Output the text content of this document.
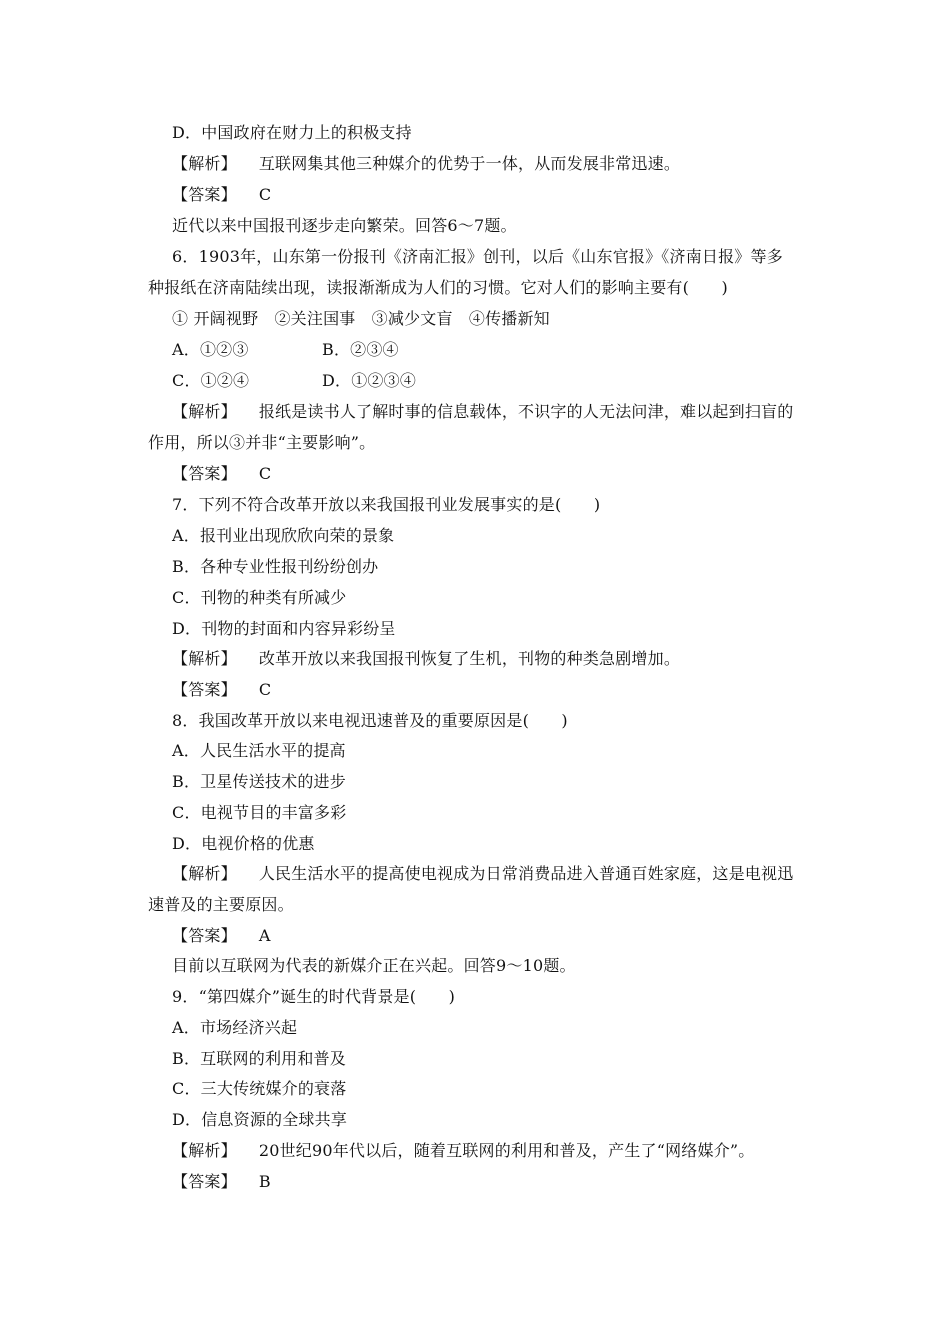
D．中国政府在财力上的积极支持
【解析】 互联网集其他三种媒介的优势于一体，从而发展非常迅速。
【答案】 C
近代以来中国报刊逐步走向繁荣。回答6～7题。
6．1903年，山东第一份报刊《济南汇报》创刊，以后《山东官报》《济南日报》等多
种报纸在济南陆续出现，读报渐渐成为人们的习惯。它对人们的影响主要有(　　)
① 开阔视野　②关注国事　③减少文盲　④传播新知
A．①②③	B．②③④
C．①②④	D．①②③④
【解析】 报纸是读书人了解时事的信息载体，不识字的人无法问津，难以起到扫盲的
作用，所以③并非“主要影响”。
【答案】 C
7．下列不符合改革开放以来我国报刊业发展事实的是(　　)
A．报刊业出现欣欣向荣的景象
B．各种专业性报刊纷纷创办
C．刊物的种类有所减少
D．刊物的封面和内容异彩纷呈
【解析】 改革开放以来我国报刊恢复了生机，刊物的种类急剧增加。
【答案】 C
8．我国改革开放以来电视迅速普及的重要原因是(　　)
A．人民生活水平的提高
B．卫星传送技术的进步
C．电视节目的丰富多彩
D．电视价格的优惠
【解析】 人民生活水平的提高使电视成为日常消费品进入普通百姓家庭，这是电视迅
速普及的主要原因。
【答案】 A
目前以互联网为代表的新媒介正在兴起。回答9～10题。
9．“第四媒介”诞生的时代背景是(　　)
A．市场经济兴起
B．互联网的利用和普及
C．三大传统媒介的衰落
D．信息资源的全球共享
【解析】 20世纪90年代以后，随着互联网的利用和普及，产生了“网络媒介”。
【答案】 B
